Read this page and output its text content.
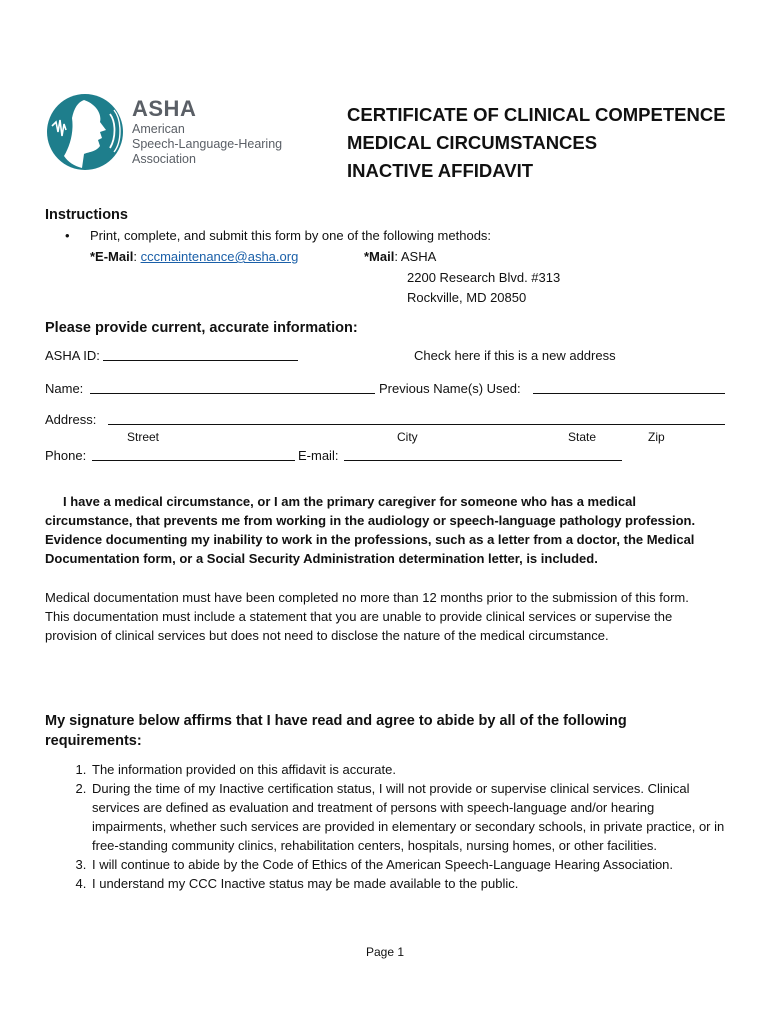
ASHA
American
Speech-Language-Hearing
Association
CERTIFICATE OF CLINICAL COMPETENCE
MEDICAL CIRCUMSTANCES
INACTIVE AFFIDAVIT
Instructions
• Print, complete, and submit this form by one of the following methods:
*E-Mail: cccmaintenance@asha.org	*Mail: ASHA
2200 Research Blvd. #313
Rockville, MD 20850
Please provide current, accurate information:
ASHA ID:	Check here if this is a new address
Name:	Previous Name(s) Used:
Address:
Street	City	State	Zip
Phone:	E-mail:
I have a medical circumstance, or I am the primary caregiver for someone who has a medical circumstance, that prevents me from working in the audiology or speech-language pathology profession. Evidence documenting my inability to work in the professions, such as a letter from a doctor, the Medical Documentation form, or a Social Security Administration determination letter, is included.
Medical documentation must have been completed no more than 12 months prior to the submission of this form. This documentation must include a statement that you are unable to provide clinical services or supervise the provision of clinical services but does not need to disclose the nature of the medical circumstance.
My signature below affirms that I have read and agree to abide by all of the following requirements:
1. The information provided on this affidavit is accurate.
2. During the time of my Inactive certification status, I will not provide or supervise clinical services. Clinical services are defined as evaluation and treatment of persons with speech-language and/or hearing impairments, whether such services are provided in elementary or secondary schools, in private practice, or in free-standing community clinics, rehabilitation centers, hospitals, nursing homes, or other facilities.
3. I will continue to abide by the Code of Ethics of the American Speech-Language Hearing Association.
4. I understand my CCC Inactive status may be made available to the public.
Page 1
